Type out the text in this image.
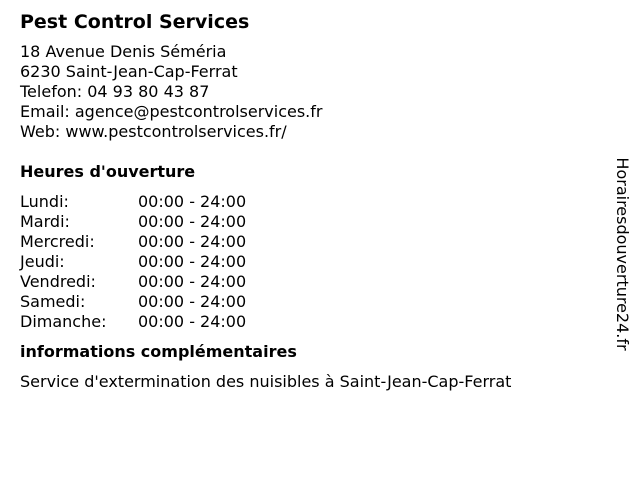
Pest Control Services
18 Avenue Denis Séméria
6230 Saint-Jean-Cap-Ferrat
Telefon: 04 93 80 43 87
Email: agence@pestcontrolservices.fr
Web: www.pestcontrolservices.fr/
Heures d'ouverture
Lundi:	00:00 - 24:00
Mardi:	00:00 - 24:00
Mercredi:	00:00 - 24:00
Jeudi:	00:00 - 24:00
Vendredi:	00:00 - 24:00
Samedi:	00:00 - 24:00
Dimanche:	00:00 - 24:00
informations complémentaires
Service d'extermination des nuisibles à Saint-Jean-Cap-Ferrat
Horairesdouverture24.fr
